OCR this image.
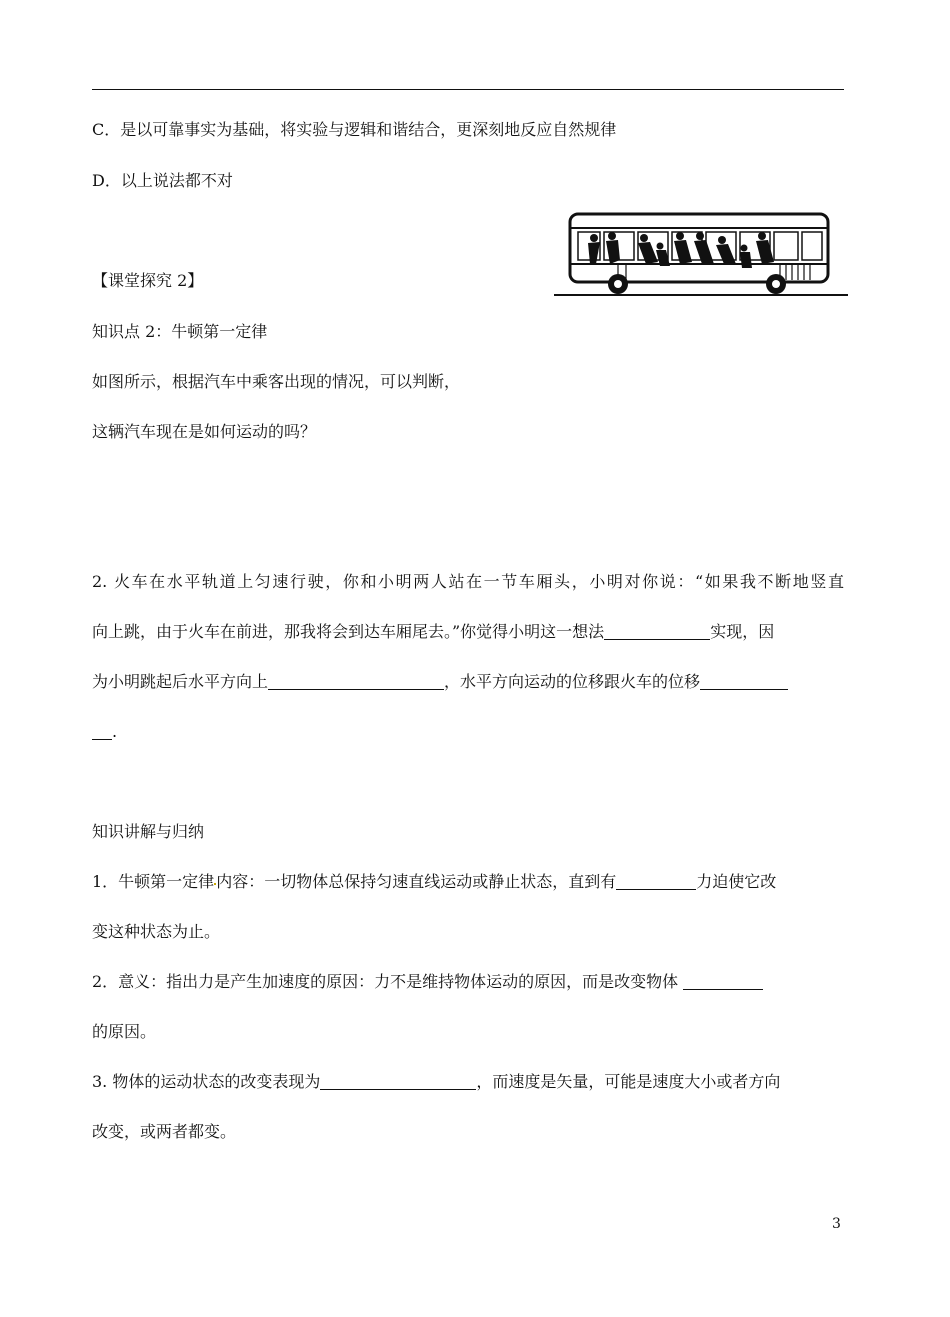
C．是以可靠事实为基础，将实验与逻辑和谐结合，更深刻地反应自然规律
D．以上说法都不对
【课堂探究 2】
知识点 2：牛顿第一定律
如图所示，根据汽车中乘客出现的情况，可以判断，
这辆汽车现在是如何运动的吗？
2. 火车在水平轨道上匀速行驶，你和小明两人站在一节车厢头，小明对你说：“如果我不断地竖直
向上跳，由于火车在前进，那我将会到达车厢尾去。”你觉得小明这一想法	实现，因
为小明跳起后水平方向上	，水平方向运动的位移跟火车的位移
.
知识讲解与归纳
1．牛顿第一定律 内容：一切物体总保持匀速直线运动或静止状态，直到有	力迫使它改
变这种状态为止。
2．意义：指出力是产生加速度的原因：力不是维持物体运动的原因，而是改变物体
的原因。
3. 物体的运动状态的改变表现为	，而速度是矢量，可能是速度大小或者方向
改变，或两者都变。
3
